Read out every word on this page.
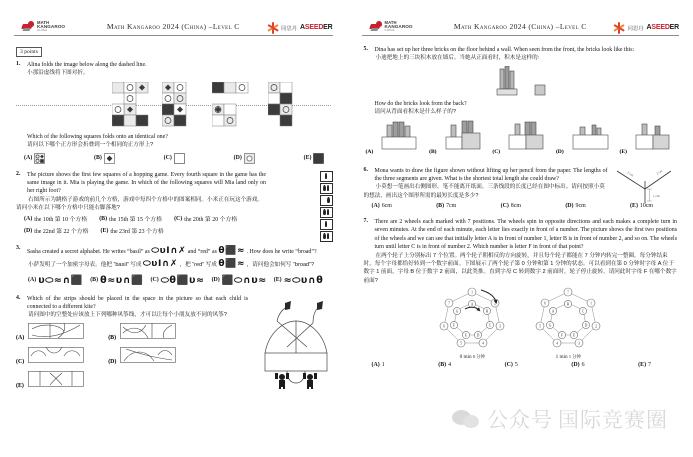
MATH
KANGAROO
CHINA	Math Kangaroo 2024 (China) –Level C	同思丹 ASEEDER
3 points
1.	Alina folds the image below along the dashed line.
小那沿虚线将下图对折。
Which of the following squares folds onto an identical one?
请问以下哪个正方形会折叠到一个相同的正方形上?
(A)	(B)	(C)	(D)	(E)
2.	The picture shows the first few squares of a hopping game. Every fourth square in the game has the same image in it. Mia is playing the game. In which of the following squares will Mia land only on her right foot?
右图所示为跳格子游戏的前几个方格，游戏中每四个方格中的图案相同。小米正在玩这个游戏。请问小米在以下哪个方格中只能右脚落地?
(A) the 10th 第 10 个方格 (B) the 15th 第 15 个方格 (C) the 20th 第 20 个方格
(D) the 22nd 第 22 个方格 (E) the 23rd 第 23 个方格
3.
Sasha created a secret alphabet. He writes “basil” as ⬭υI∩✗ and “red” as θ⬛≈ . How does he write “broad”?
小萨发明了一个加密字母表。他把 “basil” 写成 ⬭υI∩✗ ，把 “red” 写成 θ⬛≈ ，请问他会如何写 “broad”?
(A) υ⬭≈∩⬛ (B) θ≈υ∩⬛ (C) ⬭θ⬛υ≈ (D) ⬛⬭∩υ≈ (E) ≈⬭υ∩θ
4.	Which of the strips should be placed in the space in the picture so that each child is connected to a different kite?
请问图中的空整处应该放上下列哪种风筝线，才可以让每个小朋友放不同的风筝?
(A)
(C)
(E)
(B)
(D)
MATH
KANGAROO
CHINA	Math Kangaroo 2024 (China) –Level C	同思丹 ASEEDER
5.	Dina has set up her three bricks on the floor behind a wall. When seen from the front, the bricks look like this:
小迪把地上的三块积木放在墙后。当她从正面看时，积木是这样的:
How do the bricks look from the back?
请问从背面看积木是什么样子的?
(A)	(B)	(C)	(D)	(E)
6.	Mona wants to draw the figure shown without lifting up her pencil from the paper. The lengths of the three segments are given. What is the shortest total length she could draw?
小莫想一笔画出右侧图形，笔不能离开纸面。三条线段的长度已经在图中标出。请问按照小莫的想法，画出这个图形所需的最短长度是多少?
2 cm	2 cm
1 cm
(A) 6cm	(B) 7cm	(C) 8cm	(D) 9cm	(E) 10cm
7.	There are 2 wheels each marked with 7 positions. The wheels spin in opposite directions and each makes a complete turn in seven minutes. At the end of each minute, each letter lies exactly in front of a number. The picture shows the first two positions of the wheels and we can see that initially letter A is in front of number 1, letter B is in front of number 2, and so on. The wheels turn until letter C is in front of number 2. Which number is letter F in front of that point?
在两个轮子上分别标出 7 个位置。两个轮子朝相反的方向旋转，并且每个轮子都能在 7 分钟内转完一整圈。每分钟结束时，每个字母都恰好转到一个数字前面。下图展示了两个轮子第 0 分钟和第 1 分钟的状态。可以看到在第 0 分钟时字母 A 位于数字 1 前面，字母 B 位于数字 2 前面，以此类推。直到字母 C 转到数字 2 前面时，轮子停止旋转，请问此时字母 F 在哪个数字前面?
1
2
3
4
5
6
7	A
B
C
D
E
F
G
0 min 0 分钟
7
1
2
3
4
5
6	B
C
D
E
F
G
A
1 min 1 分钟
(A) 1	(B) 4	(C) 5	(D) 6	(E) 7
公众号 国际竞赛圈
